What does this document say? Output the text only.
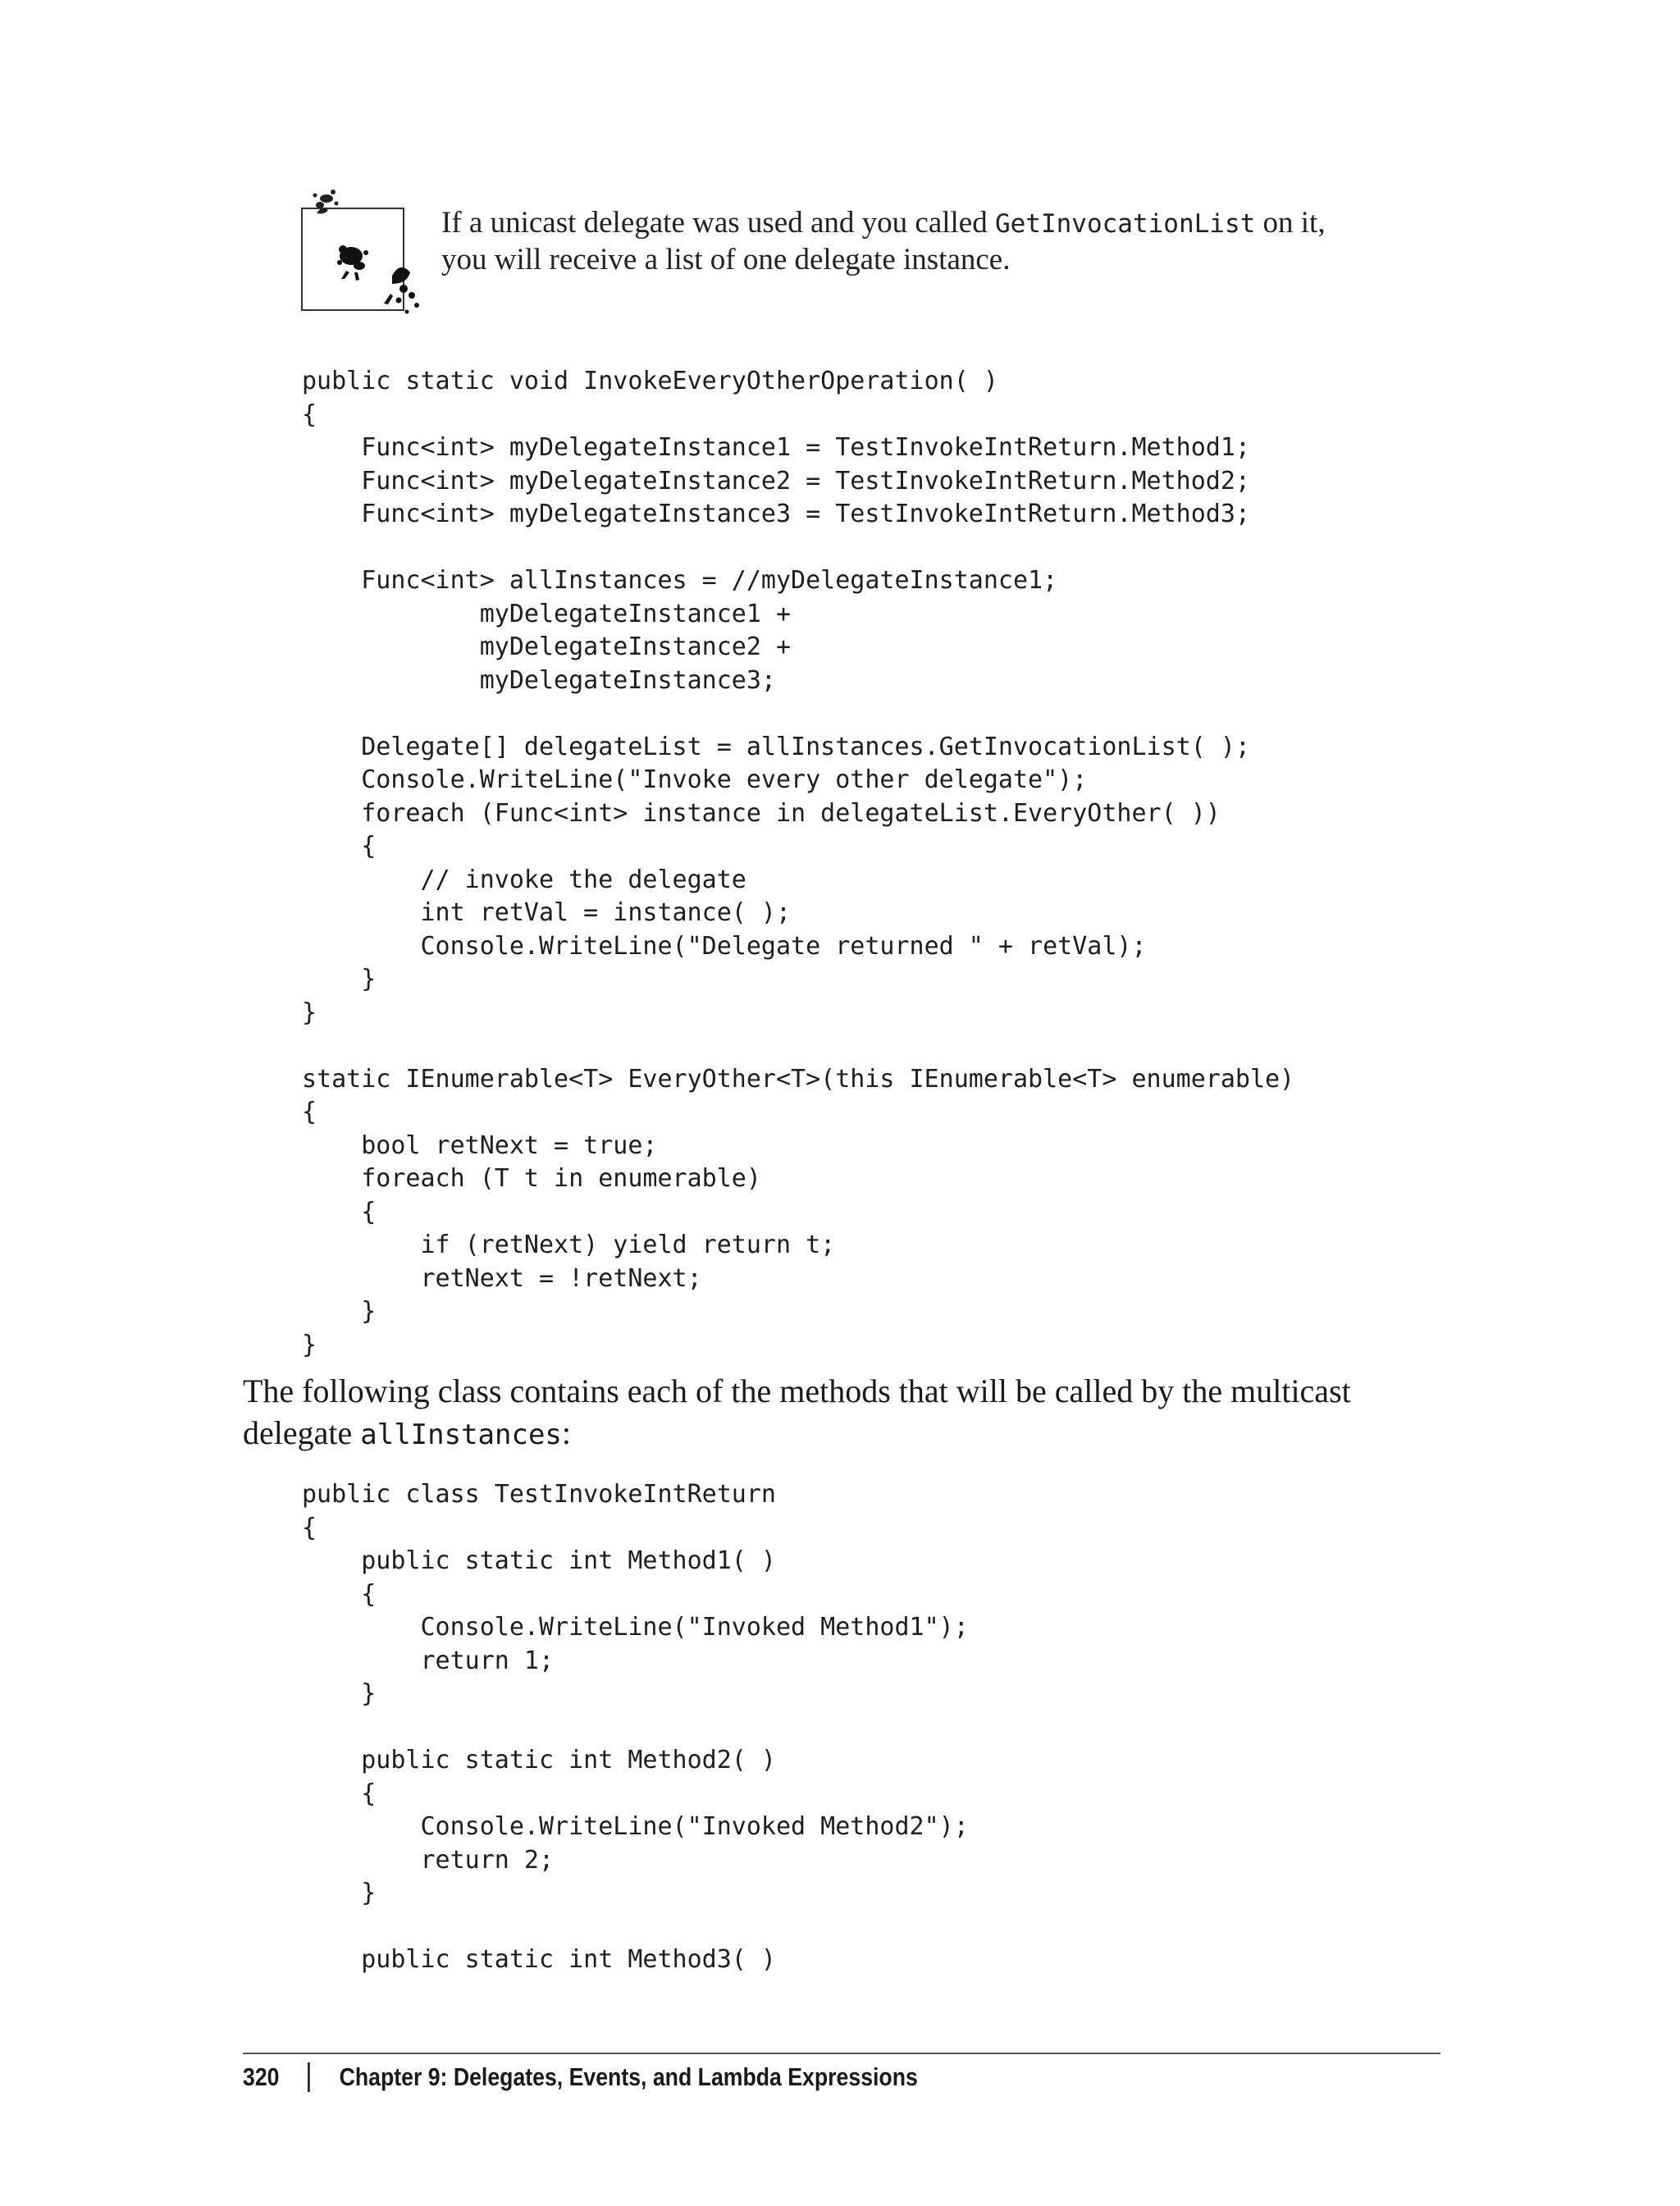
If a unicast delegate was used and you called GetInvocationList on it, you will receive a list of one delegate instance.
public static void InvokeEveryOtherOperation( )
{
Func<int> myDelegateInstance1 = TestInvokeIntReturn.Method1;
Func<int> myDelegateInstance2 = TestInvokeIntReturn.Method2;
Func<int> myDelegateInstance3 = TestInvokeIntReturn.Method3;

Func<int> allInstances = //myDelegateInstance1;
myDelegateInstance1 +
myDelegateInstance2 +
myDelegateInstance3;

Delegate[] delegateList = allInstances.GetInvocationList( );
Console.WriteLine("Invoke every other delegate");
foreach (Func<int> instance in delegateList.EveryOther( ))
{
// invoke the delegate
int retVal = instance( );
Console.WriteLine("Delegate returned " + retVal);
}
}

static IEnumerable<T> EveryOther<T>(this IEnumerable<T> enumerable)
{
bool retNext = true;
foreach (T t in enumerable)
{
if (retNext) yield return t;
retNext = !retNext;
}
}
The following class contains each of the methods that will be called by the multicast delegate allInstances:
public class TestInvokeIntReturn
{
public static int Method1( )
{
Console.WriteLine("Invoked Method1");
return 1;
}

public static int Method2( )
{
Console.WriteLine("Invoked Method2");
return 2;
}

public static int Method3( )
320 Chapter 9: Delegates, Events, and Lambda Expressions
